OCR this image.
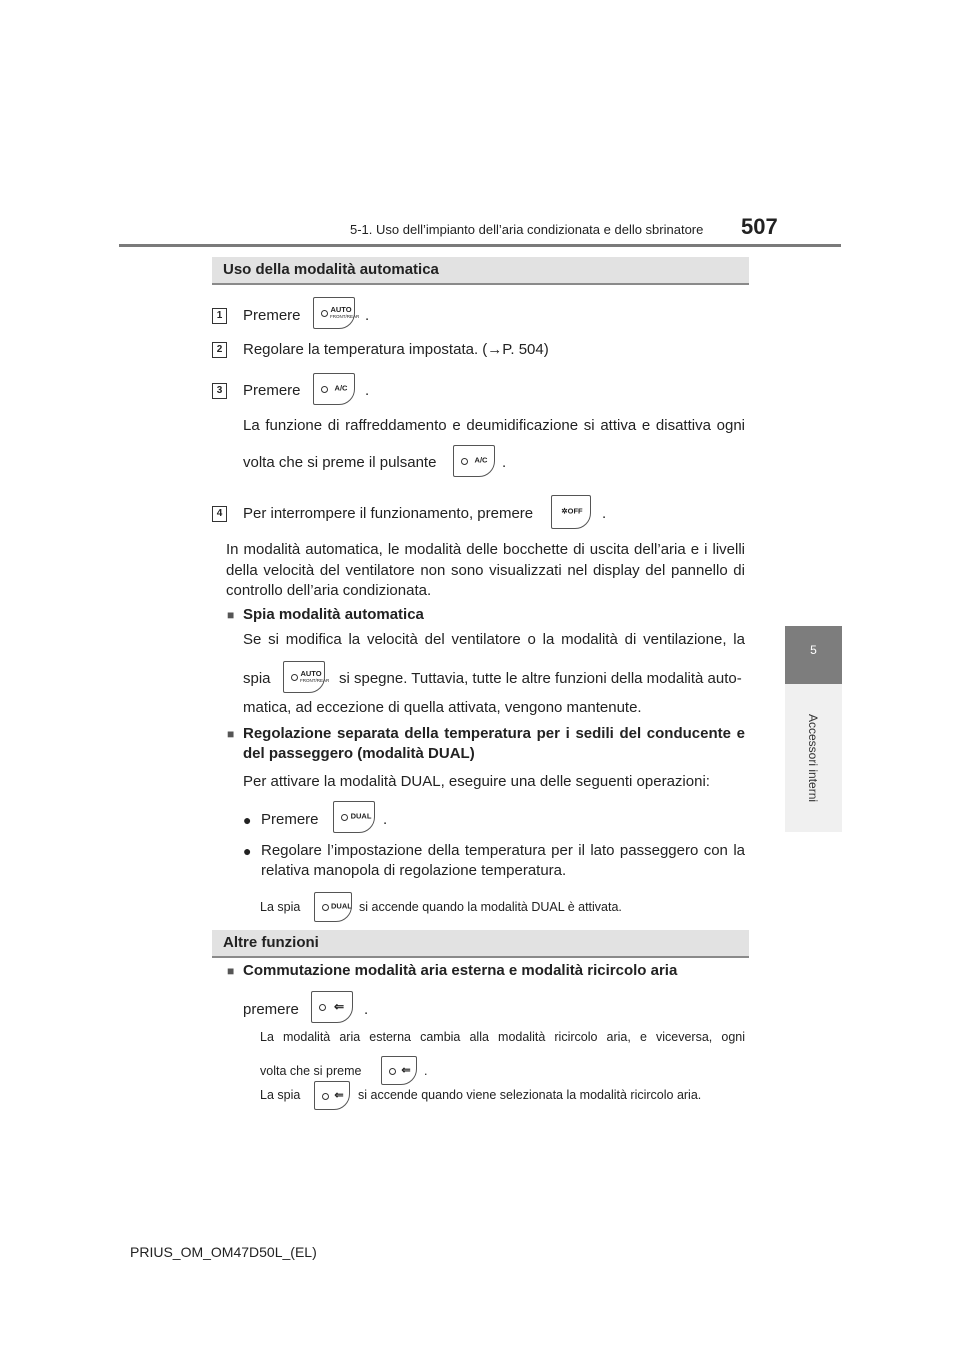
5-1. Uso dell’impianto dell’aria condizionata e dello sbrinatore 507
5
Accessori interni
Uso della modalità automatica
1	Premere	AUTO
FRONT/REAR .
2	Regolare la temperatura impostata. (→P. 504)
3	Premere	A/C	.
La funzione di raffreddamento e deumidificazione si attiva e disattiva ogni
volta che si preme il pulsante	A/C .
4	Per interrompere il funzionamento, premere	✲OFF	.
In modalità automatica, le modalità delle bocchette di uscita dell’aria e i livelli
della velocità del ventilatore non sono visualizzati nel display del pannello di
controllo dell’aria condizionata.
■ Spia modalità automatica
Se si modifica la velocità del ventilatore o la modalità di ventilazione, la
spia	AUTO
FRONT/REAR si spegne. Tuttavia, tutte le altre funzioni della modalità auto-
matica, ad eccezione di quella attivata, vengono mantenute.
■ Regolazione separata della temperatura per i sedili del conducente e
del passeggero (modalità DUAL)
Per attivare la modalità DUAL, eseguire una delle seguenti operazioni:
● Premere	DUAL .
● Regolare l’impostazione della temperatura per il lato passeggero con la
relativa manopola di regolazione temperatura.
La spia	DUAL si accende quando la modalità DUAL è attivata.
Altre funzioni
■ Commutazione modalità aria esterna e modalità ricircolo aria
premere	⇐	.
La modalità aria esterna cambia alla modalità ricircolo aria, e viceversa, ogni
volta che si preme	⇐ .
La spia	⇐ si accende quando viene selezionata la modalità ricircolo aria.
PRIUS_OM_OM47D50L_(EL)
